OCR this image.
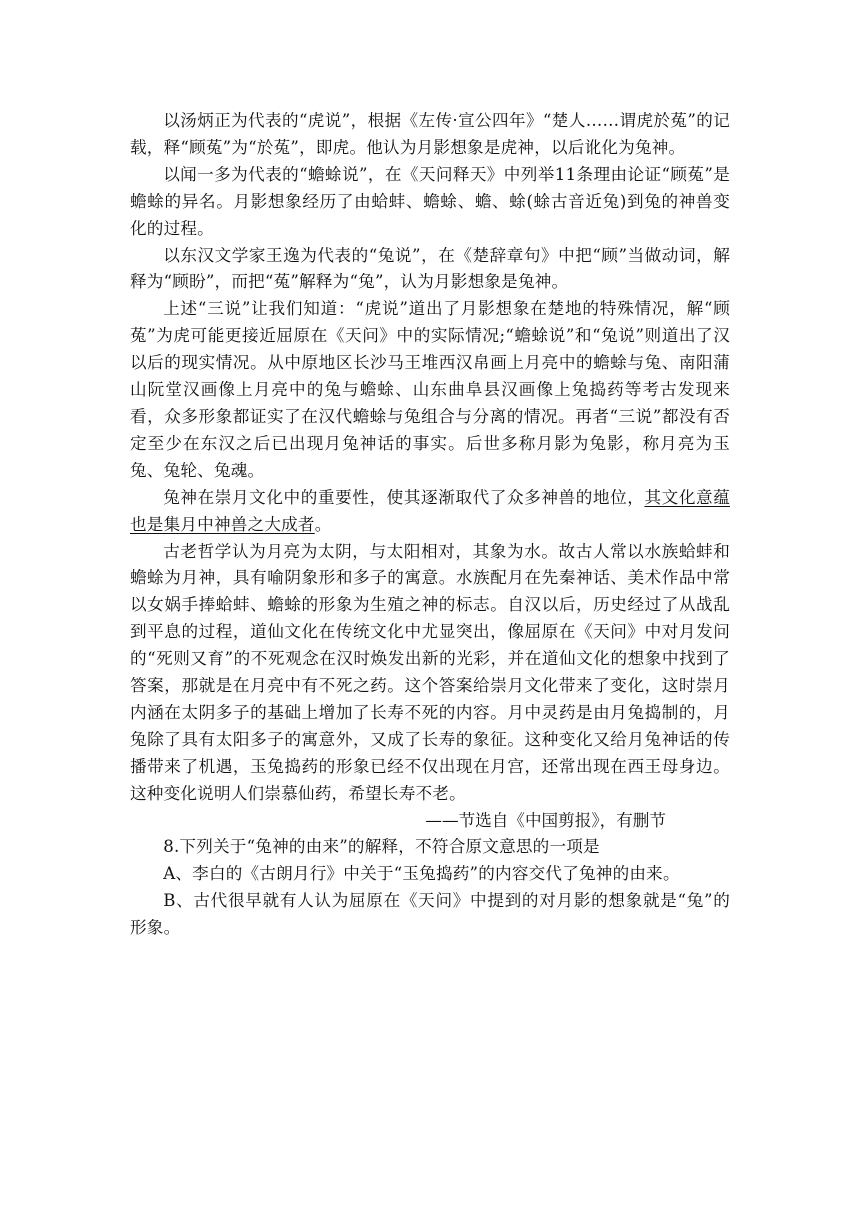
以汤炳正为代表的“虎说”，根据《左传·宣公四年》“楚人……谓虎於菟”的记载，释“顾菟”为“於菟”，即虎。他认为月影想象是虎神，以后讹化为兔神。

以闻一多为代表的“蟾蜍说”，在《天问释天》中列举11条理由论证“顾菟”是蟾蜍的异名。月影想象经历了由蛤蚌、蟾蜍、蟾、蜍(蜍古音近兔)到兔的神兽变化的过程。

以东汉文学家王逸为代表的“兔说”，在《楚辞章句》中把“顾”当做动词，解释为“顾盼”，而把“菟”解释为“兔”，认为月影想象是兔神。

上述“三说”让我们知道：“虎说”道出了月影想象在楚地的特殊情况，解“顾菟”为虎可能更接近屈原在《天问》中的实际情况;“蟾蜍说”和“兔说”则道出了汉以后的现实情况。从中原地区长沙马王堆西汉帛画上月亮中的蟾蜍与兔、南阳蒲山阮堂汉画像上月亮中的兔与蟾蜍、山东曲阜县汉画像上兔捣药等考古发现来看，众多形象都证实了在汉代蟾蜍与兔组合与分离的情况。再者“三说”都没有否定至少在东汉之后已出现月兔神话的事实。后世多称月影为兔影，称月亮为玉兔、兔轮、兔魂。

兔神在崇月文化中的重要性，使其逐渐取代了众多神兽的地位，其文化意蕴也是集月中神兽之大成者。

古老哲学认为月亮为太阴，与太阳相对，其象为水。故古人常以水族蛤蚌和蟾蜍为月神，具有喻阴象形和多子的寓意。水族配月在先秦神话、美术作品中常以女娲手捧蛤蚌、蟾蜍的形象为生殖之神的标志。自汉以后，历史经过了从战乱到平息的过程，道仙文化在传统文化中尤显突出，像屈原在《天问》中对月发问的“死则又育”的不死观念在汉时焕发出新的光彩，并在道仙文化的想象中找到了答案，那就是在月亮中有不死之药。这个答案给崇月文化带来了变化，这时崇月内涵在太阴多子的基础上增加了长寿不死的内容。月中灵药是由月兔捣制的，月兔除了具有太阳多子的寓意外，又成了长寿的象征。这种变化又给月兔神话的传播带来了机遇，玉兔捣药的形象已经不仅出现在月宫，还常出现在西王母身边。这种变化说明人们崇慕仙药，希望长寿不老。

——节选自《中国剪报》，有删节

8.下列关于“兔神的由来”的解释，不符合原文意思的一项是

A、李白的《古朗月行》中关于“玉兔捣药”的内容交代了兔神的由来。

B、古代很早就有人认为屈原在《天问》中提到的对月影的想象就是“兔”的形象。
